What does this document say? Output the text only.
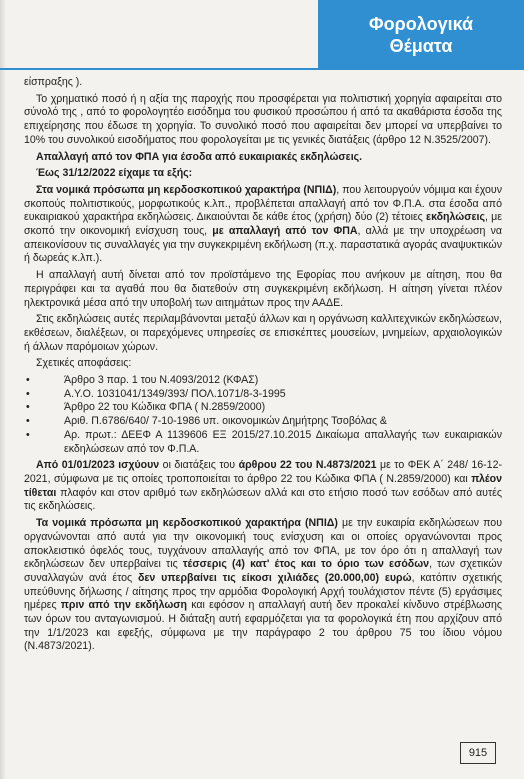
Φορολογικά
Θέματα

είσπραξης ).

Το χρηματικό ποσό ή η αξία της παροχής που προσφέρεται για πολιτιστική χορηγία αφαιρείται στο σύνολό της , από το φορολογητέο εισόδημα του φυσικού προσώπου ή από τα ακαθάριστα έσοδα της επιχείρησης που έδωσε τη χορηγία. Το συνολικό ποσό που αφαιρείται δεν μπορεί να υπερβαίνει το 10% του συνολικού εισοδήματος που φορολογείται με τις γενικές διατάξεις (άρθρο 12 Ν.3525/2007).

Απαλλαγή από τον ΦΠΑ για έσοδα από ευκαιριακές εκδηλώσεις.

Έως 31/12/2022 είχαμε τα εξής:

Στα νομικά πρόσωπα μη κερδοσκοπικού χαρακτήρα (ΝΠΙΔ), που λειτουργούν νόμιμα και έχουν σκοπούς πολιτιστικούς, μορφωτικούς κ.λπ., προβλέπεται απαλλαγή από τον Φ.Π.Α. στα έσοδα από ευκαιριακού χαρακτήρα εκδηλώσεις. Δικαιούνται δε κάθε έτος (χρήση) δύο (2) τέτοιες εκδηλώσεις, με σκοπό την οικονομική ενίσχυση τους, με απαλλαγή από τον ΦΠΑ, αλλά με την υποχρέωση να απεικονίσουν τις συναλλαγές για την συγκεκριμένη εκδήλωση (π.χ. παραστατικά αγοράς αναψυκτικών ή δωρεάς κ.λπ.).

Η απαλλαγή αυτή δίνεται από τον προϊστάμενο της Εφορίας που ανήκουν με αίτηση, που θα περιγράφει και τα αγαθά που θα διατεθούν στη συγκεκριμένη εκδήλωση. Η αίτηση γίνεται πλέον ηλεκτρονικά μέσα από την υποβολή των αιτημάτων προς την ΑΑΔΕ.

Στις εκδηλώσεις αυτές περιλαμβάνονται μεταξύ άλλων και η οργάνωση καλλιτεχνικών εκδηλώσεων, εκθέσεων, διαλέξεων, οι παρεχόμενες υπηρεσίες σε επισκέπτες μουσείων, μνημείων, αρχαιολογικών ή άλλων παρόμοιων χώρων.

Σχετικές αποφάσεις:

•	Άρθρο 3 παρ. 1 του Ν.4093/2012 (ΚΦΑΣ)
•	Α.Υ.Ο. 1031041/1349/393/ ΠΟΛ.1071/8-3-1995
•	Άρθρο 22 του Κώδικα ΦΠΑ ( Ν.2859/2000)
•	Αριθ. Π.6786/640/ 7-10-1986 υπ. οικονομικών Δημήτρης Τσοβόλας &
•	Αρ. πρωτ.: ΔΕΕΦ Α 1139606 ΕΞ 2015/27.10.2015 Δικαίωμα απαλλαγής των ευκαιριακών εκδηλώσεων από τον Φ.Π.Α.

Από 01/01/2023 ισχύουν οι διατάξεις του άρθρου 22 του Ν.4873/2021 με το ΦΕΚ Α΄ 248/ 16-12-2021, σύμφωνα με τις οποίες τροποποιείται το άρθρο 22 του Κώδικα ΦΠΑ ( Ν.2859/2000) και πλέον τίθεται πλαφόν και στον αριθμό των εκδηλώσεων αλλά και στο ετήσιο ποσό των εσόδων από αυτές τις εκδηλώσεις.

Τα νομικά πρόσωπα μη κερδοσκοπικού χαρακτήρα (ΝΠΙΔ) με την ευκαιρία εκδηλώσεων που οργανώνονται από αυτά για την οικονομική τους ενίσχυση και οι οποίες οργανώνονται προς αποκλειστικό όφελός τους, τυγχάνουν απαλλαγής από τον ΦΠΑ, με τον όρο ότι η απαλλαγή των εκδηλώσεων δεν υπερβαίνει τις τέσσερις (4) κατ' έτος και το όριο των εσόδων, των σχετικών συναλλαγών ανά έτος δεν υπερβαίνει τις είκοσι χιλιάδες (20.000,00) ευρώ, κατόπιν σχετικής υπεύθυνης δήλωσης / αίτησης προς την αρμόδια Φορολογική Αρχή τουλάχιστον πέντε (5) εργάσιμες ημέρες πριν από την εκδήλωση και εφόσον η απαλλαγή αυτή δεν προκαλεί κίνδυνο στρέβλωσης των όρων του ανταγωνισμού. Η διάταξη αυτή εφαρμόζεται για τα φορολογικά έτη που αρχίζουν από την 1/1/2023 και εφεξής, σύμφωνα με την παράγραφο 2 του άρθρου 75 του ίδιου νόμου (Ν.4873/2021).

915
